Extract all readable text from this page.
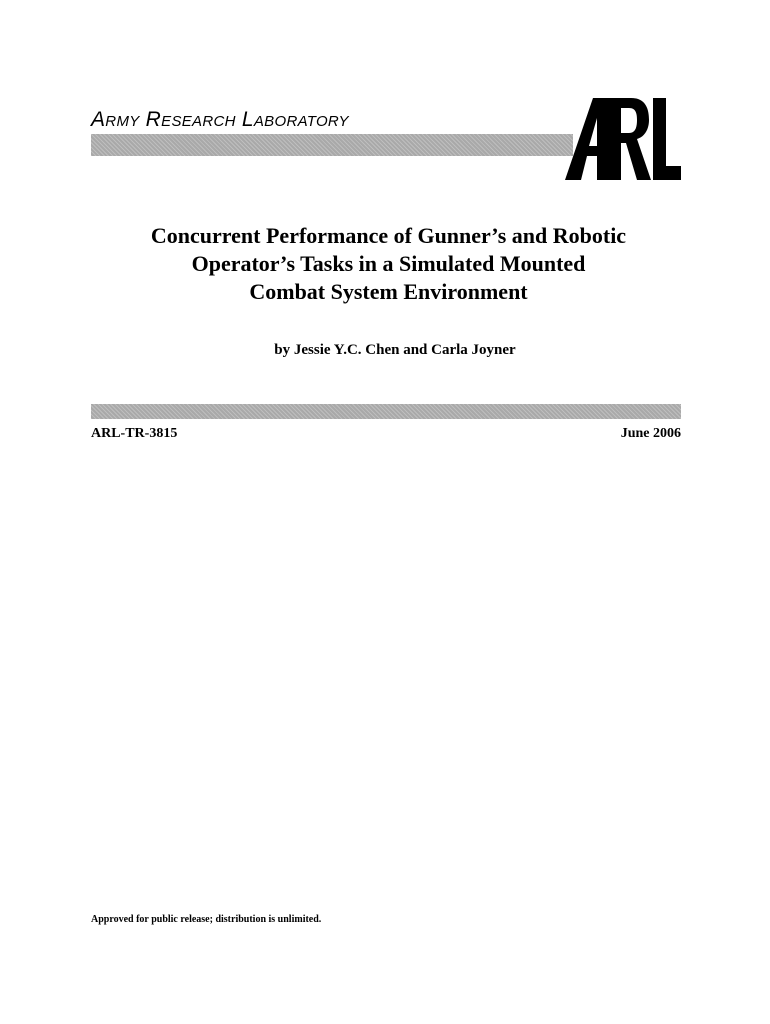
Army Research Laboratory
Concurrent Performance of Gunner’s and Robotic
Operator’s Tasks in a Simulated Mounted
Combat System Environment
by Jessie Y.C. Chen and Carla Joyner
ARL-TR-3815	June 2006
Approved for public release; distribution is unlimited.
